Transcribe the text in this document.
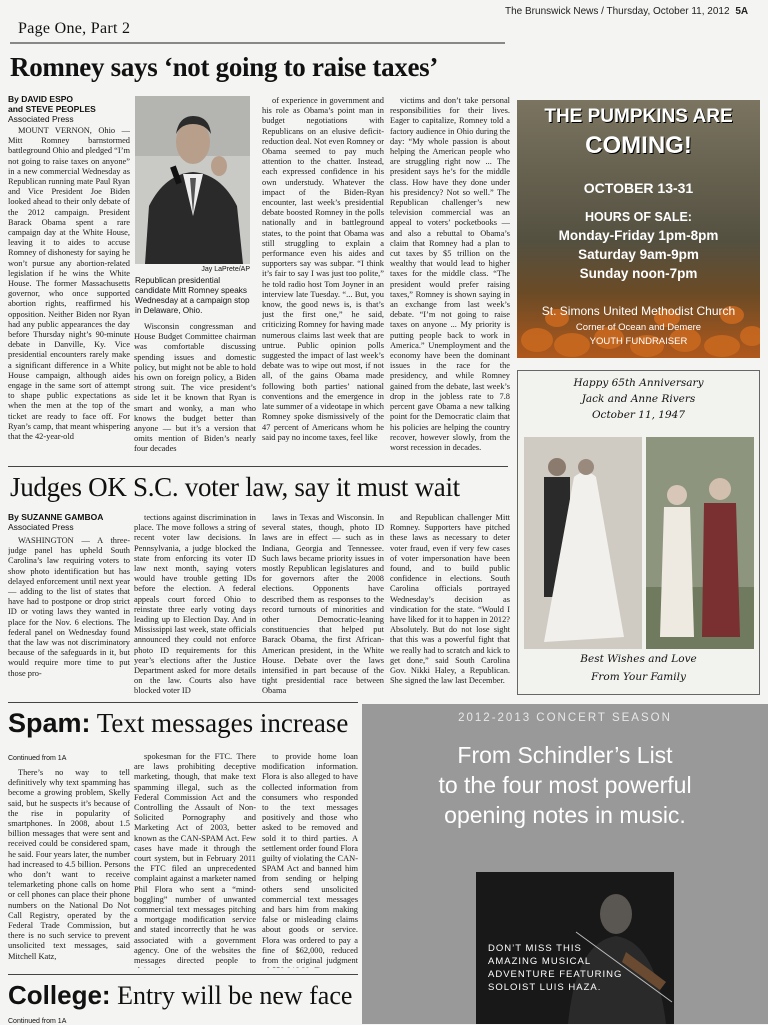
The Brunswick News / Thursday, October 11, 2012 5A
Page One, Part 2
Romney says ‘not going to raise taxes’
By DAVID ESPO
and STEVE PEOPLES
Associated Press

MOUNT VERNON, Ohio — Mitt Romney barnstormed battleground Ohio and pledged “I’m not going to raise taxes on anyone” in a new commercial Wednesday as Republican running mate Paul Ryan and Vice President Joe Biden looked ahead to their only debate of the 2012 campaign. President Barack Obama spent a rare campaign day at the White House, leaving it to aides to accuse Romney of dishonesty for saying he won’t pursue any abortion-related legislation if he wins the White House. The former Massachusetts governor, who once supported abortion rights, reaffirmed his opposition. Neither Biden nor Ryan had any public appearances the day before Thursday night’s 90-minute debate in Danville, Ky. Vice presidential encounters rarely make a significant difference in a White House campaign, although aides engage in the same sort of attempt to shape public expectations as when the men at the top of the ticket are ready to face off. For Ryan’s camp, that meant whispering that the 42-year-old

Jay LaPrete/AP
Republican presidential candidate Mitt Romney speaks Wednesday at a campaign stop in Delaware, Ohio.

Wisconsin congressman and House Budget Committee chairman was comfortable discussing spending issues and domestic policy, but might not be able to hold his own on foreign policy, a Biden strong suit. The vice president’s side let it be known that Ryan is smart and wonky, a man who knows the budget better than anyone — but it’s a version that omits mention of Biden’s nearly four decades

of experience in government and his role as Obama’s point man in budget negotiations with Republicans on an elusive deficit-reduction deal. Not even Romney or Obama seemed to pay much attention to the chatter. Instead, each expressed confidence in his own understudy. Whatever the impact of the Biden-Ryan encounter, last week’s presidential debate boosted Romney in the polls nationally and in battleground states, to the point that Obama was still struggling to explain a performance even his aides and supporters say was subpar. “I think it’s fair to say I was just too polite,” he told radio host Tom Joyner in an interview late Tuesday. “... But, you know, the good news is, is that’s just the first one,” he said, criticizing Romney for having made numerous claims last week that are untrue. Public opinion polls suggested the impact of last week’s debate was to wipe out most, if not all, of the gains Obama made following both parties’ national conventions and the emergence in late summer of a videotape in which Romney spoke dismissively of the 47 percent of Americans whom he said pay no income taxes, feel like

victims and don’t take personal responsibilities for their lives. Eager to capitalize, Romney told a factory audience in Ohio during the day: “My whole passion is about helping the American people who are struggling right now ... The president says he’s for the middle class. How have they done under his presidency? Not so well.” The Republican challenger’s new television commercial was an appeal to voters’ pocketbooks — and also a rebuttal to Obama’s claim that Romney had a plan to cut taxes by $5 trillion on the wealthy that would lead to higher taxes for the middle class. “The president would prefer raising taxes,” Romney is shown saying in an exchange from last week’s debate. “I’m not going to raise taxes on anyone ... My priority is putting people back to work in America.” Unemployment and the economy have been the dominant issues in the race for the presidency, and while Romney gained from the debate, last week’s drop in the jobless rate to 7.8 percent gave Obama a new talking point for the Democratic claim that his policies are helping the country recover, however slowly, from the worst recession in decades.

THE PUMPKINS ARE
COMING!
OCTOBER 13-31
HOURS OF SALE:
Monday-Friday 1pm-8pm
Saturday 9am-9pm
Sunday noon-7pm
St. Simons United Methodist Church
Corner of Ocean and Demere
YOUTH FUNDRAISER
Happy 65th Anniversary
Jack and Anne Rivers
October 11, 1947
Best Wishes and Love
From Your Family
Judges OK S.C. voter law, say it must wait
By SUZANNE GAMBOA
Associated Press

WASHINGTON — A three-judge panel has upheld South Carolina’s law requiring voters to show photo identification but has delayed enforcement until next year — adding to the list of states that have had to postpone or drop strict ID or voting laws they wanted in place for the Nov. 6 elections. The federal panel on Wednesday found that the law was not discriminatory because of the safeguards in it, but would require more time to put those pro-

tections against discrimination in place. The move follows a string of recent voter law decisions. In Pennsylvania, a judge blocked the state from enforcing its voter ID law next month, saying voters would have trouble getting IDs before the election. A federal appeals court forced Ohio to reinstate three early voting days leading up to Election Day. And in Mississippi last week, state officials announced they could not enforce photo ID requirements for this year’s elections after the Justice Department asked for more details on the law. Courts also have blocked voter ID

laws in Texas and Wisconsin. In several states, though, photo ID laws are in effect — such as in Indiana, Georgia and Tennessee. Such laws became priority issues in mostly Republican legislatures and for governors after the 2008 elections. Opponents have described them as responses to the record turnouts of minorities and other Democratic-leaning constituencies that helped put Barack Obama, the first African-American president, in the White House. Debate over the laws intensified in part because of the tight presidential race between Obama

and Republican challenger Mitt Romney. Supporters have pitched these laws as necessary to deter voter fraud, even if very few cases of voter impersonation have been found, and to build public confidence in elections. South Carolina officials portrayed Wednesday’s decision as vindication for the state. “Would I have liked for it to happen in 2012? Absolutely. But do not lose sight that this was a powerful fight that we really had to scratch and kick to get done,” said South Carolina Gov. Nikki Haley, a Republican. She signed the law last December.

Spam: Text messages increase
Continued from 1A

There’s no way to tell definitively why text spamming has become a growing problem, Skelly said, but he suspects it’s because of the rise in popularity of smartphones. In 2008, about 1.5 billion messages that were sent and received could be considered spam, he said. Four years later, the number had increased to 4.5 billion. Persons who don’t want to receive telemarketing phone calls on home or cell phones can place their phone numbers on the National Do Not Call Registry, operated by the Federal Trade Commission, but there is no such service to prevent unsolicited text messages, said Mitchell Katz,

spokesman for the FTC. There are laws prohibiting deceptive marketing, though, that make text spamming illegal, such as the Federal Commission Act and the Controlling the Assault of Non-Solicited Pornography and Marketing Act of 2003, better known as the CAN-SPAM Act. Few cases have made it through the court system, but in February 2011 the FTC filed an unprecedented complaint against a marketer named Phil Flora who sent a “mind-boggling” number of unwanted commercial text messages pitching a mortgage modification service and stated incorrectly that he was associated with a government agency. One of the websites the messages directed people to

to provide home loan modification information. Flora is also alleged to have collected information from consumers who responded to the text messages positively and those who asked to be removed and sold it to third parties. A settlement order found Flora guilty of violating the CAN-SPAM Act and banned him from sending or helping others send unsolicited commercial text messages and bars him from making false or misleading claims about goods or service. Flora was ordered to pay a fine of $62,000, reduced from the original judgment

2012-2013 CONCERT SEASON
From Schindler’s List
to the four most powerful
opening notes in music.
DON’T MISS THIS
AMAZING MUSICAL
ADVENTURE FEATURING
SOLOIST LUIS HAZA.
College: Entry will be new face
Continued from 1A
